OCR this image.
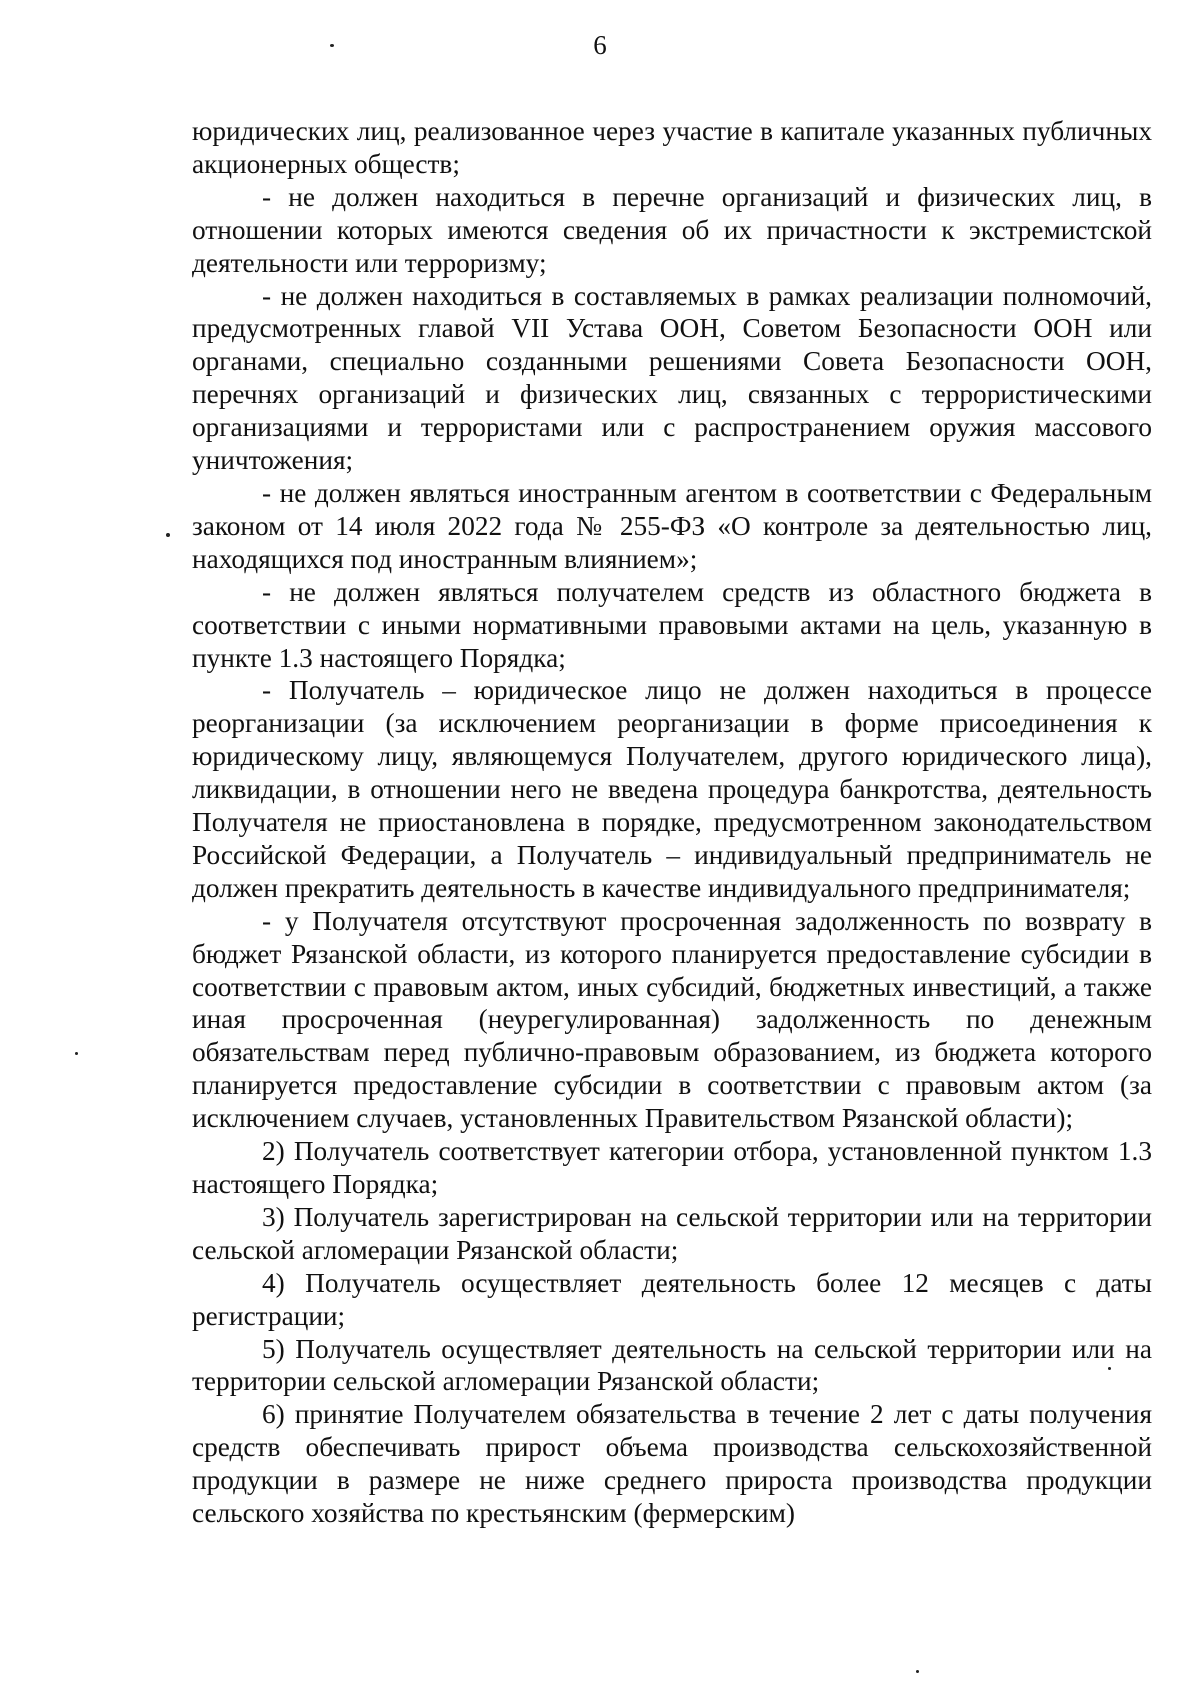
6

юридических лиц, реализованное через участие в капитале указанных публичных акционерных обществ;

- не должен находиться в перечне организаций и физических лиц, в отношении которых имеются сведения об их причастности к экстремистской деятельности или терроризму;

- не должен находиться в составляемых в рамках реализации полномочий, предусмотренных главой VII Устава ООН, Советом Безопасности ООН или органами, специально созданными решениями Совета Безопасности ООН, перечнях организаций и физических лиц, связанных с террористическими организациями и террористами или с распространением оружия массового уничтожения;

- не должен являться иностранным агентом в соответствии с Федеральным законом от 14 июля 2022 года № 255-ФЗ «О контроле за деятельностью лиц, находящихся под иностранным влиянием»;

- не должен являться получателем средств из областного бюджета в соответствии с иными нормативными правовыми актами на цель, указанную в пункте 1.3 настоящего Порядка;

- Получатель – юридическое лицо не должен находиться в процессе реорганизации (за исключением реорганизации в форме присоединения к юридическому лицу, являющемуся Получателем, другого юридического лица), ликвидации, в отношении него не введена процедура банкротства, деятельность Получателя не приостановлена в порядке, предусмотренном законодательством Российской Федерации, а Получатель – индивидуальный предприниматель не должен прекратить деятельность в качестве индивидуального предпринимателя;

- у Получателя отсутствуют просроченная задолженность по возврату в бюджет Рязанской области, из которого планируется предоставление субсидии в соответствии с правовым актом, иных субсидий, бюджетных инвестиций, а также иная просроченная (неурегулированная) задолженность по денежным обязательствам перед публично-правовым образованием, из бюджета которого планируется предоставление субсидии в соответствии с правовым актом (за исключением случаев, установленных Правительством Рязанской области);

2) Получатель соответствует категории отбора, установленной пунктом 1.3 настоящего Порядка;

3) Получатель зарегистрирован на сельской территории или на территории сельской агломерации Рязанской области;

4) Получатель осуществляет деятельность более 12 месяцев с даты регистрации;

5) Получатель осуществляет деятельность на сельской территории или на территории сельской агломерации Рязанской области;

6) принятие Получателем обязательства в течение 2 лет с даты получения средств обеспечивать прирост объема производства сельскохозяйственной продукции в размере не ниже среднего прироста производства продукции сельского хозяйства по крестьянским (фермерским)
